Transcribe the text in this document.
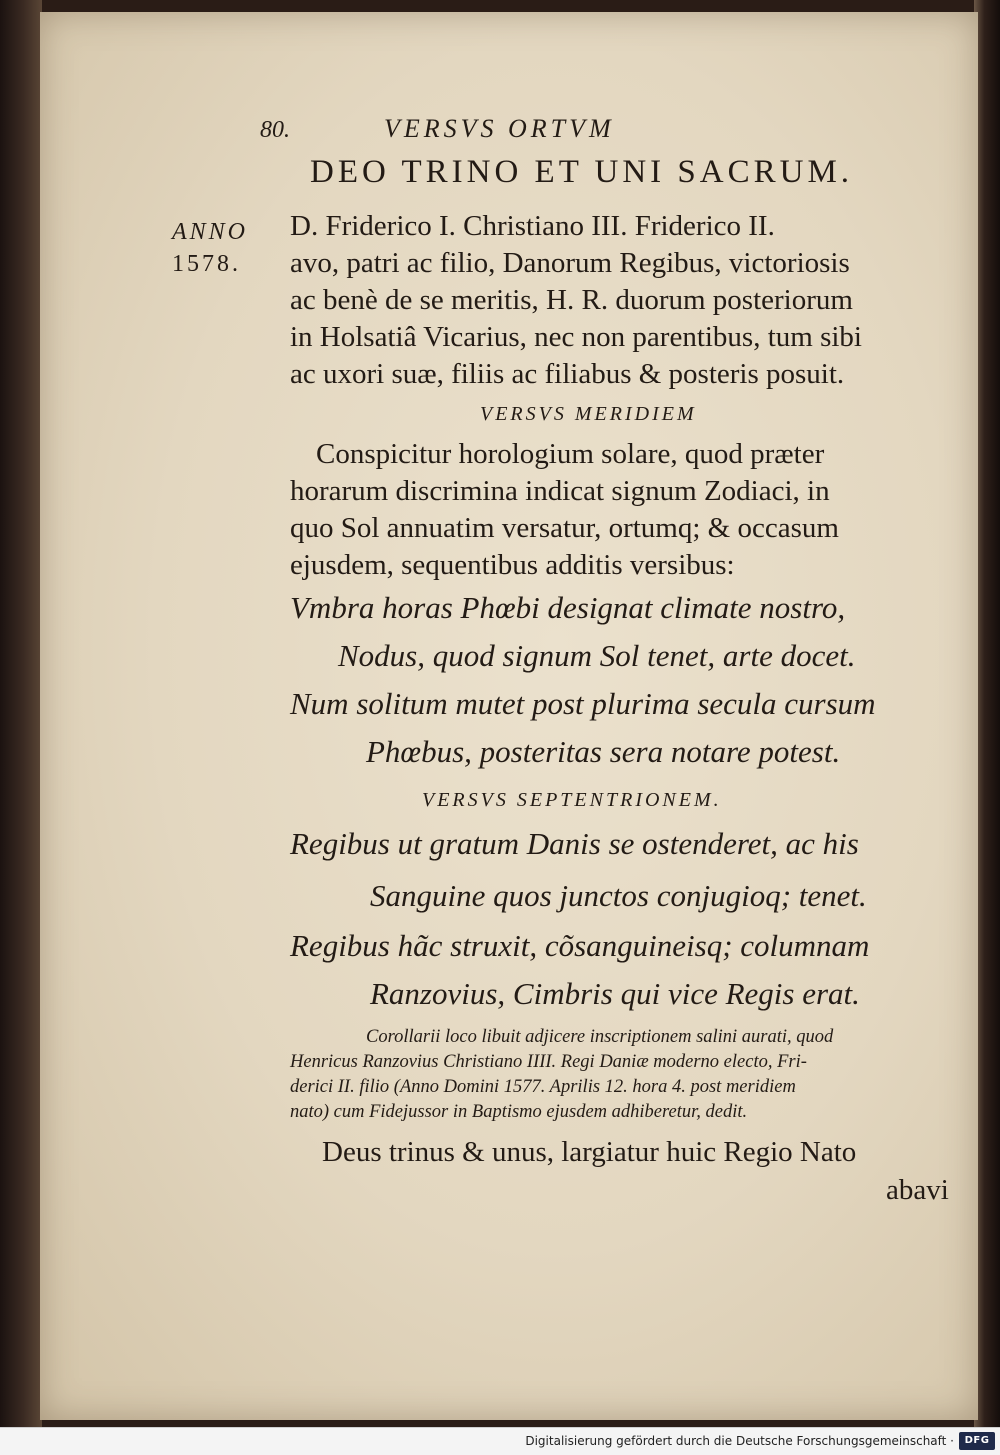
80.	VERSVS ORTVM
DEO TRINO ET UNI SACRUM.
ANNO
1578.
D. Friderico I. Christiano III. Friderico II.
avo, patri ac filio, Danorum Regibus, victoriosis
ac benè de se meritis, H. R. duorum posteriorum
in Holsatiâ Vicarius, nec non parentibus, tum sibi
ac uxori suæ, filiis ac filiabus & posteris posuit.
VERSVS MERIDIEM
Conspicitur horologium solare, quod præter
horarum discrimina indicat signum Zodiaci, in
quo Sol annuatim versatur, ortumq; & occasum
ejusdem, sequentibus additis versibus:
Vmbra horas Phœbi designat climate nostro,
Nodus, quod signum Sol tenet, arte docet.
Num solitum mutet post plurima secula cursum
Phœbus, posteritas sera notare potest.
VERSVS SEPTENTRIONEM.
Regibus ut gratum Danis se ostenderet, ac his
Sanguine quos junctos conjugioq; tenet.
Regibus hãc struxit, cõsanguineisq; columnam
Ranzovius, Cimbris qui vice Regis erat.
Corollarii loco libuit adjicere inscriptionem salini aurati, quod
Henricus Ranzovius Christiano IIII. Regi Daniæ moderno electo, Fri-
derici II. filio (Anno Domini 1577. Aprilis 12. hora 4. post meridiem
nato) cum Fidejussor in Baptismo ejusdem adhiberetur, dedit.
Deus trinus & unus, largiatur huic Regio Nato
abavi
Digitalisierung gefördert durch die Deutsche Forschungsgemeinschaft ·	DFG
